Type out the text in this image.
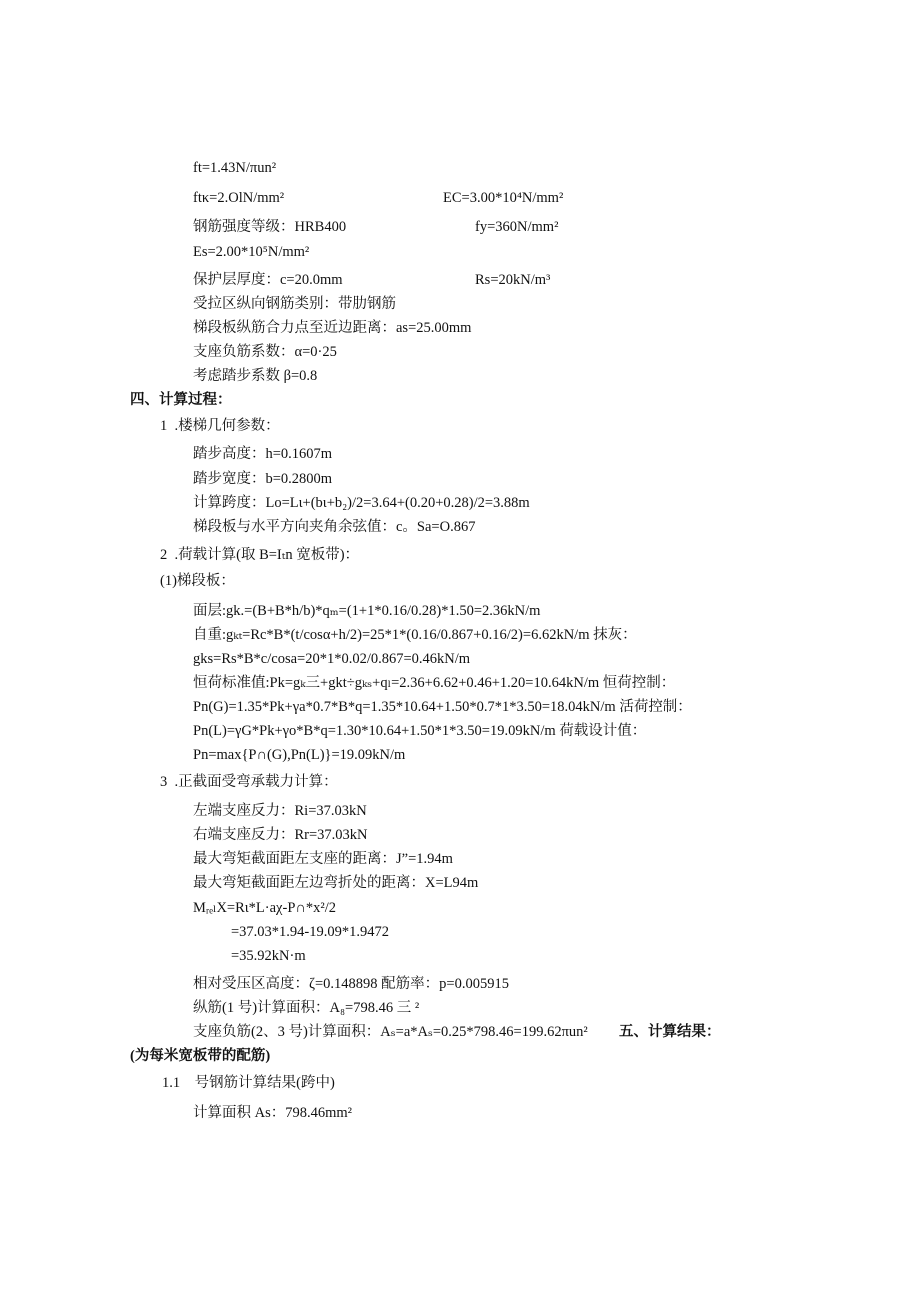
ft=1.43N/πun²
ftκ=2.OlN/mm²	EC=3.00*10⁴N/mm²
钢筋强度等级：HRB400	fy=360N/mm²
Es=2.00*10⁵N/mm²
保护层厚度：c=20.0mm	Rs=20kN/m³
受拉区纵向钢筋类别：带肋钢筋
梯段板纵筋合力点至近边距离：as=25.00mm
支座负筋系数：α=0·25
考虑踏步系数 β=0.8
四、计算过程：
1  .楼梯几何参数：
踏步高度：h=0.1607m
踏步宽度：b=0.2800m
计算跨度：Lo=Lι+(bι+b₂)/2=3.64+(0.20+0.28)/2=3.88m
梯段板与水平方向夹角余弦值：c。Sa=O.867
2  .荷载计算(取 B=Iₜn 宽板带)：
(1)梯段板：
面层:gk.=(B+B*h/b)*qₘ=(1+1*0.16/0.28)*1.50=2.36kN/m
自重:gₖₜ=Rc*B*(t/cosα+h/2)=25*1*(0.16/0.867+0.16/2)=6.62kN/m 抹灰：
gks=Rs*B*c/cosa=20*1*0.02/0.867=0.46kN/m
恒荷标准值:Pk=gₖ三+gkt÷gₖₛ+qₗ=2.36+6.62+0.46+1.20=10.64kN/m 恒荷控制：
Pn(G)=1.35*Pk+γa*0.7*B*q=1.35*10.64+1.50*0.7*1*3.50=18.04kN/m 活荷控制：
Pn(L)=γG*Pk+γo*B*q=1.30*10.64+1.50*1*3.50=19.09kN/m 荷载设计值：
Pn=max{P∩(G),Pn(L)}=19.09kN/m
3  .正截面受弯承载力计算：
左端支座反力：Ri=37.03kN
右端支座反力：Rr=37.03kN
最大弯矩截面距左支座的距离：J”=1.94m
最大弯矩截面距左边弯折处的距离：X=L94m
MᵣₑₗX=Rι*L·aχ-P∩*x²/2
=37.03*1.94-19.09*1.9472
=35.92kN·m
相对受压区高度：ζ=0.148898 配筋率：p=0.005915
纵筋(1 号)计算面积：A₈=798.46 三 ²
支座负筋(2、3 号)计算面积：Aₛ=a*Aₛ=0.25*798.46=199.62πun² 五、计算结果：
(为每米宽板带的配筋)
1.1    号钢筋计算结果(跨中)
计算面积 As：798.46mm²
